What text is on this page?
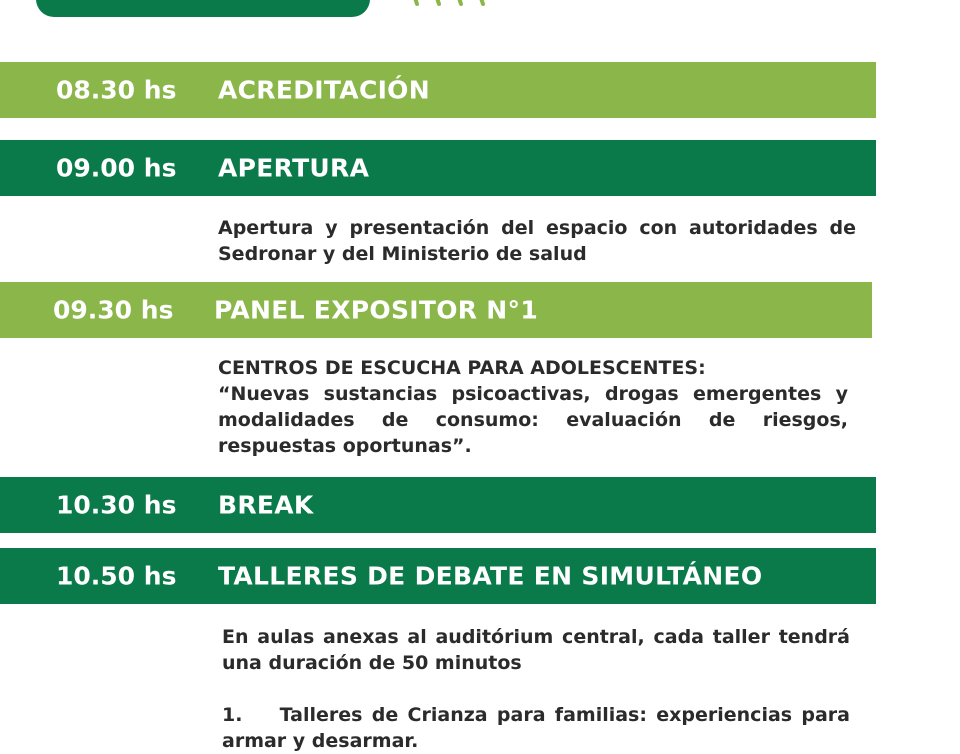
08.30 hs ACREDITACIÓN
09.00 hs APERTURA

Apertura y presentación del espacio con autoridades de Sedronar y del Ministerio de salud

09.30 hs PANEL EXPOSITOR N°1

CENTROS DE ESCUCHA PARA ADOLESCENTES:

“Nuevas sustancias psicoactivas, drogas emergentes y modalidades de consumo: evaluación de riesgos, respuestas oportunas”.

10.30 hs BREAK
10.50 hs TALLERES DE DEBATE EN SIMULTÁNEO

En aulas anexas al auditórium central, cada taller tendrá una duración de 50 minutos

1. Talleres de Crianza para familias: experiencias para armar y desarmar.
